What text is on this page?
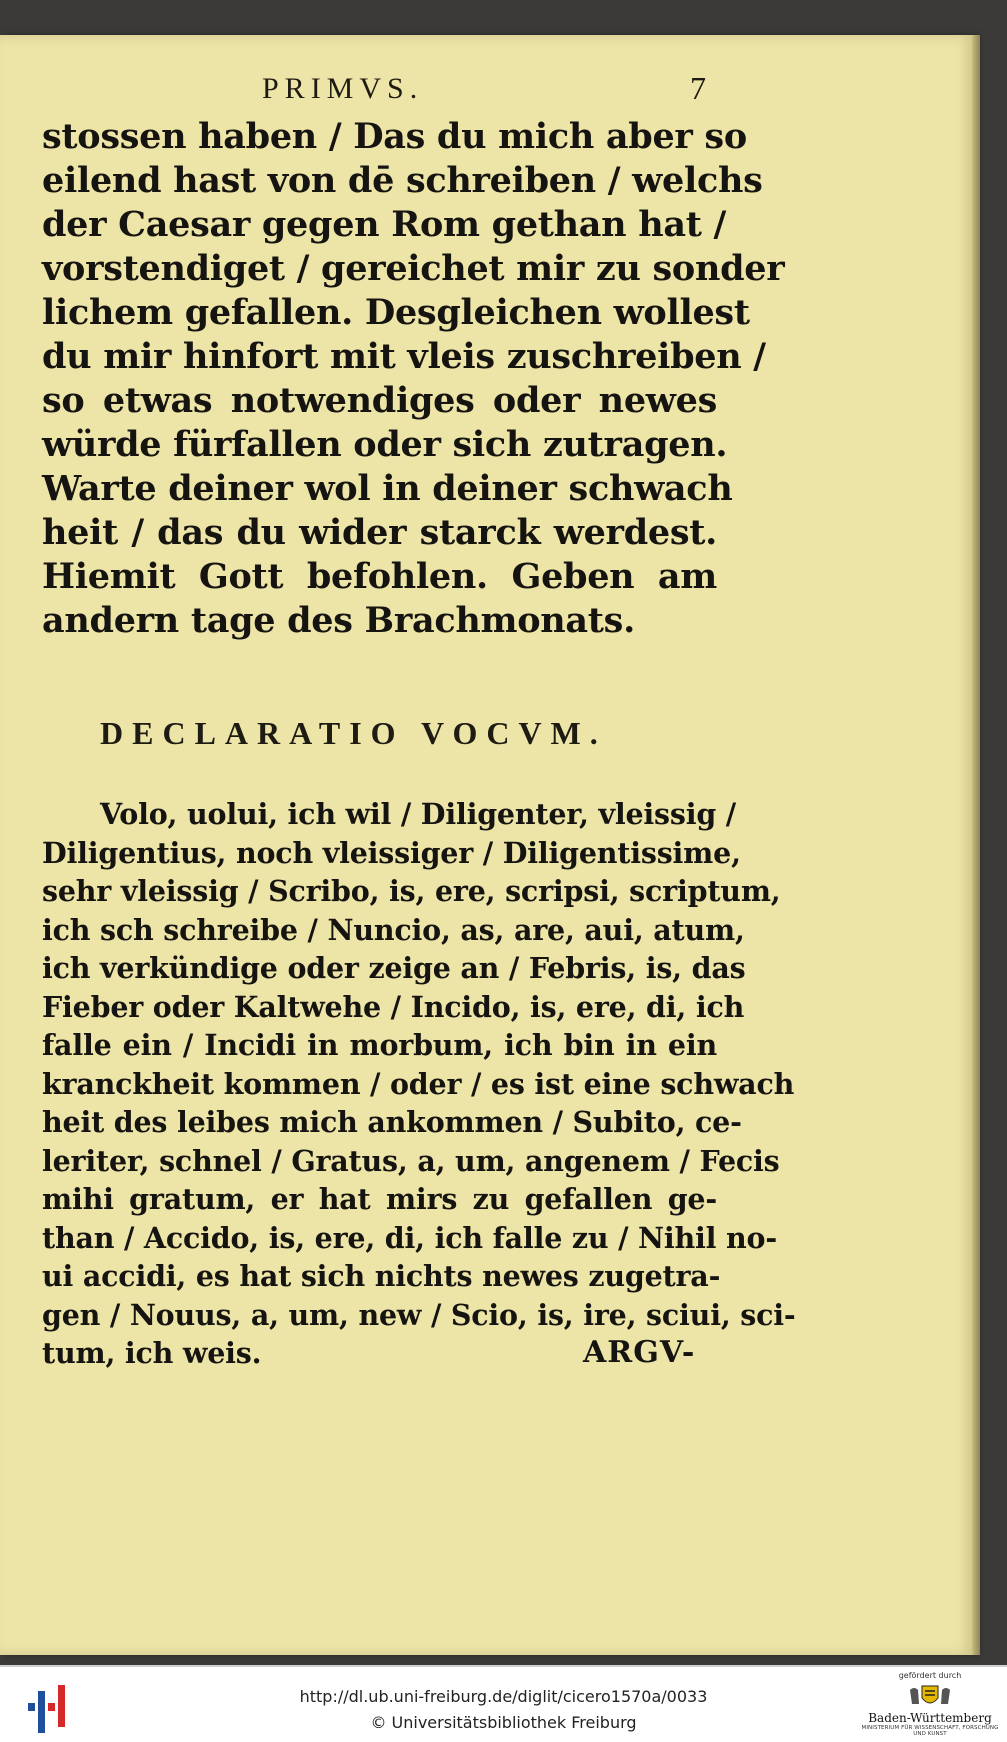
PRIMVS.	7
stossen haben / Das du mich aber so
eilend hast von dē schreiben / welchs
der Caesar gegen Rom gethan hat /
vorstendiget / gereichet mir zu sonder
lichem gefallen. Desgleichen wollest
du mir hinfort mit vleis zuschreiben /
so etwas notwendiges oder newes
würde fürfallen oder sich zutragen.
Warte deiner wol in deiner schwach
heit / das du wider starck werdest.
Hiemit Gott befohlen. Geben am
andern tage des Brachmonats.
DECLARATIO VOCVM.
Volo, uolui, ich wil / Diligenter, vleissig /
Diligentius, noch vleissiger / Diligentissime,
sehr vleissig / Scribo, is, ere, scripsi, scriptum,
ich sch schreibe / Nuncio, as, are, aui, atum,
ich verkündige oder zeige an / Febris, is, das
Fieber oder Kaltwehe / Incido, is, ere, di, ich
falle ein / Incidi in morbum, ich bin in ein
kranckheit kommen / oder / es ist eine schwach
heit des leibes mich ankommen / Subito, ce-
leriter, schnel / Gratus, a, um, angenem / Fecis
mihi gratum, er hat mirs zu gefallen ge-
than / Accido, is, ere, di, ich falle zu / Nihil no-
ui accidi, es hat sich nichts newes zugetra-
gen / Nouus, a, um, new / Scio, is, ire, sciui, sci-
tum, ich weis.	ARGV-
http://dl.ub.uni-freiburg.de/diglit/cicero1570a/0033
© Universitätsbibliothek Freiburg
gefördert durch
Baden-Württemberg
MINISTERIUM FÜR WISSENSCHAFT, FORSCHUNG UND KUNST
